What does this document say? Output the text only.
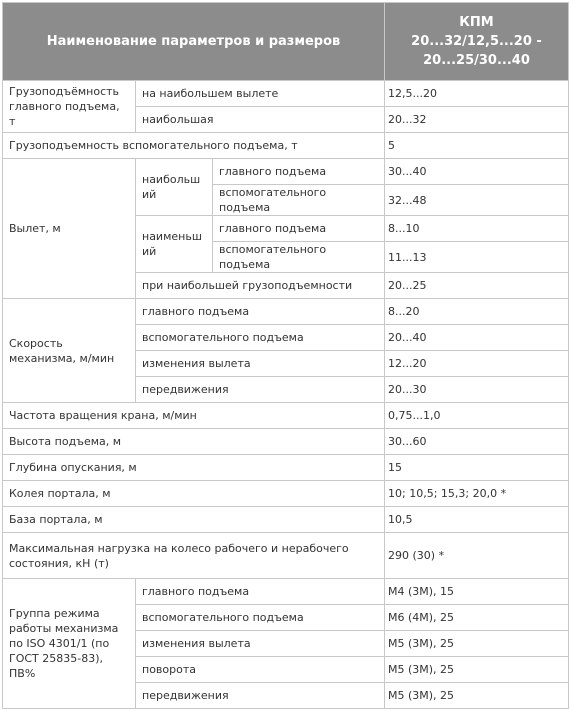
Наименование параметров и размеров			КПМ
20...32/12,5...20 -
20...25/30...40

Грузоподъёмность главного подъема, т	на наибольшем вылете		12,5...20
	наибольшая		20...32
Грузоподъемность вспомогательного подъема, т			5
Вылет, м	наибольший	главного подъема	30...40
		вспомогательного подъема	32...48
	наименьший	главного подъема	8...10
		вспомогательного подъема	11...13
	при наибольшей грузоподъемности		20...25
Скорость механизма, м/мин	главного подъема		8...20
	вспомогательного подъема		20...40
	изменения вылета		12...20
	передвижения		20...30
Частота вращения крана, м/мин			0,75...1,0
Высота подъема, м			30...60
Глубина опускания, м			15
Колея портала, м			10; 10,5; 15,3; 20,0 *
База портала, м			10,5
Максимальная нагрузка на колесо рабочего и нерабочего состояния, кН (т)			290 (30) *
Группа режима работы механизма по ISO 4301/1 (по ГОСТ 25835-83), ПВ%	главного подъема		М4 (3М), 15
	вспомогательного подъема		М6 (4М), 25
	изменения вылета		М5 (3М), 25
	поворота		М5 (3М), 25
	передвижения		М5 (3М), 25
